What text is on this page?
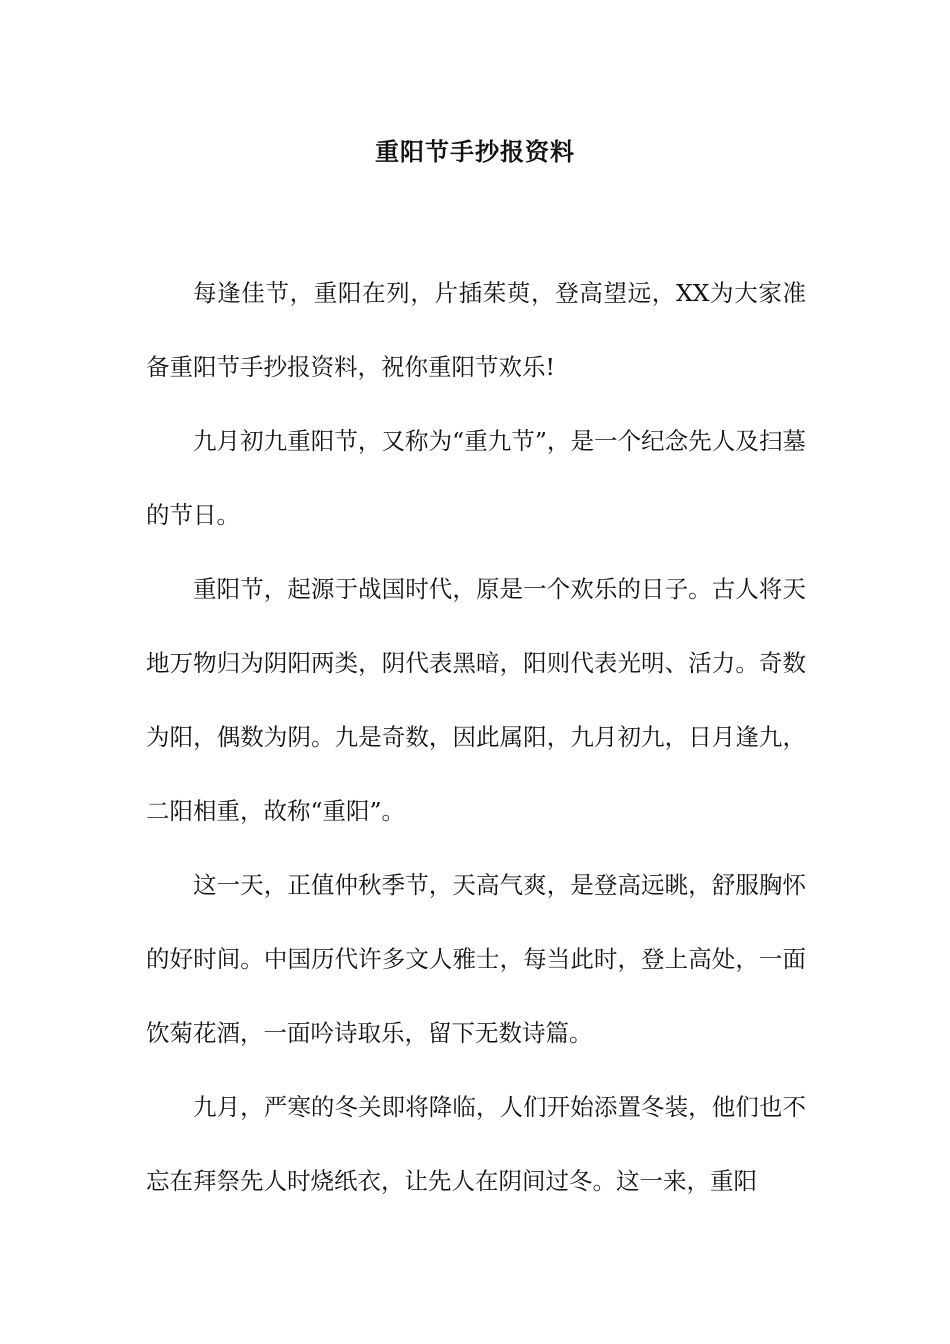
重阳节手抄报资料

每逢佳节，重阳在列，片插茱萸，登高望远，XX为大家准备重阳节手抄报资料，祝你重阳节欢乐!

九月初九重阳节，又称为“重九节”，是一个纪念先人及扫墓的节日。

重阳节，起源于战国时代，原是一个欢乐的日子。古人将天地万物归为阴阳两类，阴代表黑暗，阳则代表光明、活力。奇数为阳，偶数为阴。九是奇数，因此属阳，九月初九，日月逢九，二阳相重，故称“重阳”。

这一天，正值仲秋季节，天高气爽，是登高远眺，舒服胸怀的好时间。中国历代许多文人雅士，每当此时，登上高处，一面饮菊花酒，一面吟诗取乐，留下无数诗篇。

九月，严寒的冬关即将降临，人们开始添置冬装，他们也不忘在拜祭先人时烧纸衣，让先人在阴间过冬。这一来，重阳
